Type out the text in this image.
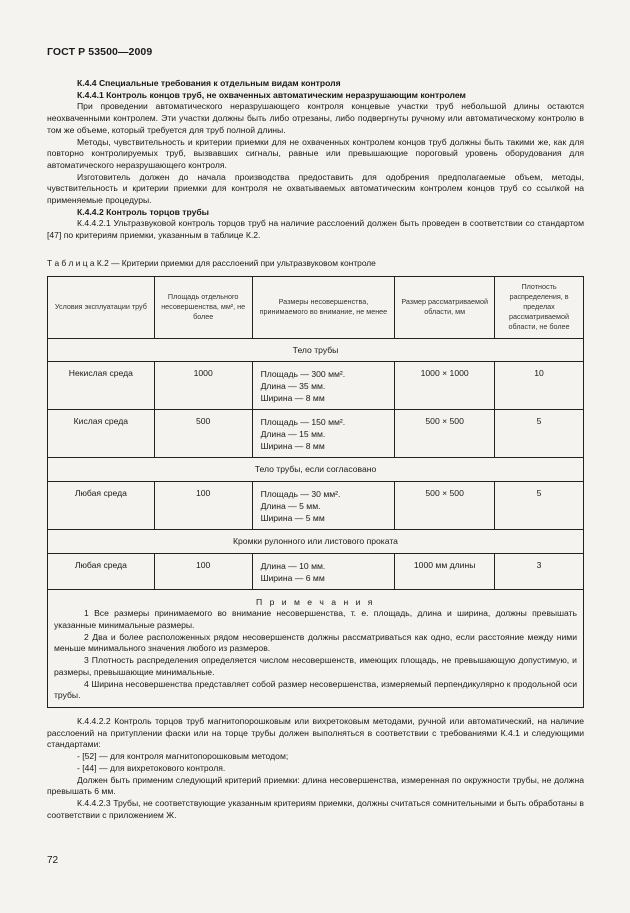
ГОСТ Р 53500—2009

К.4.4 Специальные требования к отдельным видам контроля

К.4.4.1 Контроль концов труб, не охваченных автоматическим неразрушающим контролем

При проведении автоматического неразрушающего контроля концевые участки труб небольшой длины остаются неохваченными контролем. Эти участки должны быть либо отрезаны, либо подвергнуты ручному или автоматическому контролю в том же объеме, который требуется для труб полной длины.

Методы, чувствительность и критерии приемки для не охваченных контролем концов труб должны быть такими же, как для повторно контролируемых труб, вызвавших сигналы, равные или превышающие пороговый уровень оборудования для автоматического неразрушающего контроля.

Изготовитель должен до начала производства предоставить для одобрения предполагаемые объем, методы, чувствительность и критерии приемки для контроля не охватываемых автоматическим контролем концов труб со ссылкой на применяемые процедуры.

К.4.4.2 Контроль торцов трубы

К.4.4.2.1 Ультразвуковой контроль торцов труб на наличие расслоений должен быть проведен в соответствии со стандартом [47] по критериям приемки, указанным в таблице К.2.

Т а б л и ц а К.2 — Критерии приемки для расслоений при ультразвуковом контроле

Условия эксплуатации труб	Площадь отдельного несовершенства, мм², не более	Размеры несовершенства, принимаемого во внимание, не менее	Размер рассматриваемой области, мм	Плотность распределения, в пределах рассматриваемой области, не более
Тело трубы				
Некислая среда	1000	Площадь — 300 мм².
Длина — 35 мм.
Ширина — 8 мм	1000 × 1000	10
Кислая среда	500	Площадь — 150 мм².
Длина — 15 мм.
Ширина — 8 мм	500 × 500	5
Тело трубы, если согласовано				
Любая среда	100	Площадь — 30 мм².
Длина — 5 мм.
Ширина — 5 мм	500 × 500	5
Кромки рулонного или листового проката				
Любая среда	100	Длина — 10 мм.
Ширина — 6 мм	1000 мм длины	3

П р и м е ч а н и я

1 Все размеры принимаемого во внимание несовершенства, т. е. площадь, длина и ширина, должны превышать указанные минимальные размеры.

2 Два и более расположенных рядом несовершенств должны рассматриваться как одно, если расстояние между ними меньше минимального значения любого из размеров.

3 Плотность распределения определяется числом несовершенств, имеющих площадь, не превышающую допустимую, и размеры, превышающие минимальные.

4 Ширина несовершенства представляет собой размер несовершенства, измеряемый перпендикулярно к продольной оси трубы.				

К.4.4.2.2 Контроль торцов труб магнитопорошковым или вихретоковым методами, ручной или автоматический, на наличие расслоений на притуплении фаски или на торце трубы должен выполняться в соответствии с требованиями К.4.1 и следующими стандартами:

- [52] — для контроля магнитопорошковым методом;

- [44] — для вихретокового контроля.

Должен быть применим следующий критерий приемки: длина несовершенства, измеренная по окружности трубы, не должна превышать 6 мм.

К.4.4.2.3 Трубы, не соответствующие указанным критериям приемки, должны считаться сомнительными и быть обработаны в соответствии с приложением Ж.

72
